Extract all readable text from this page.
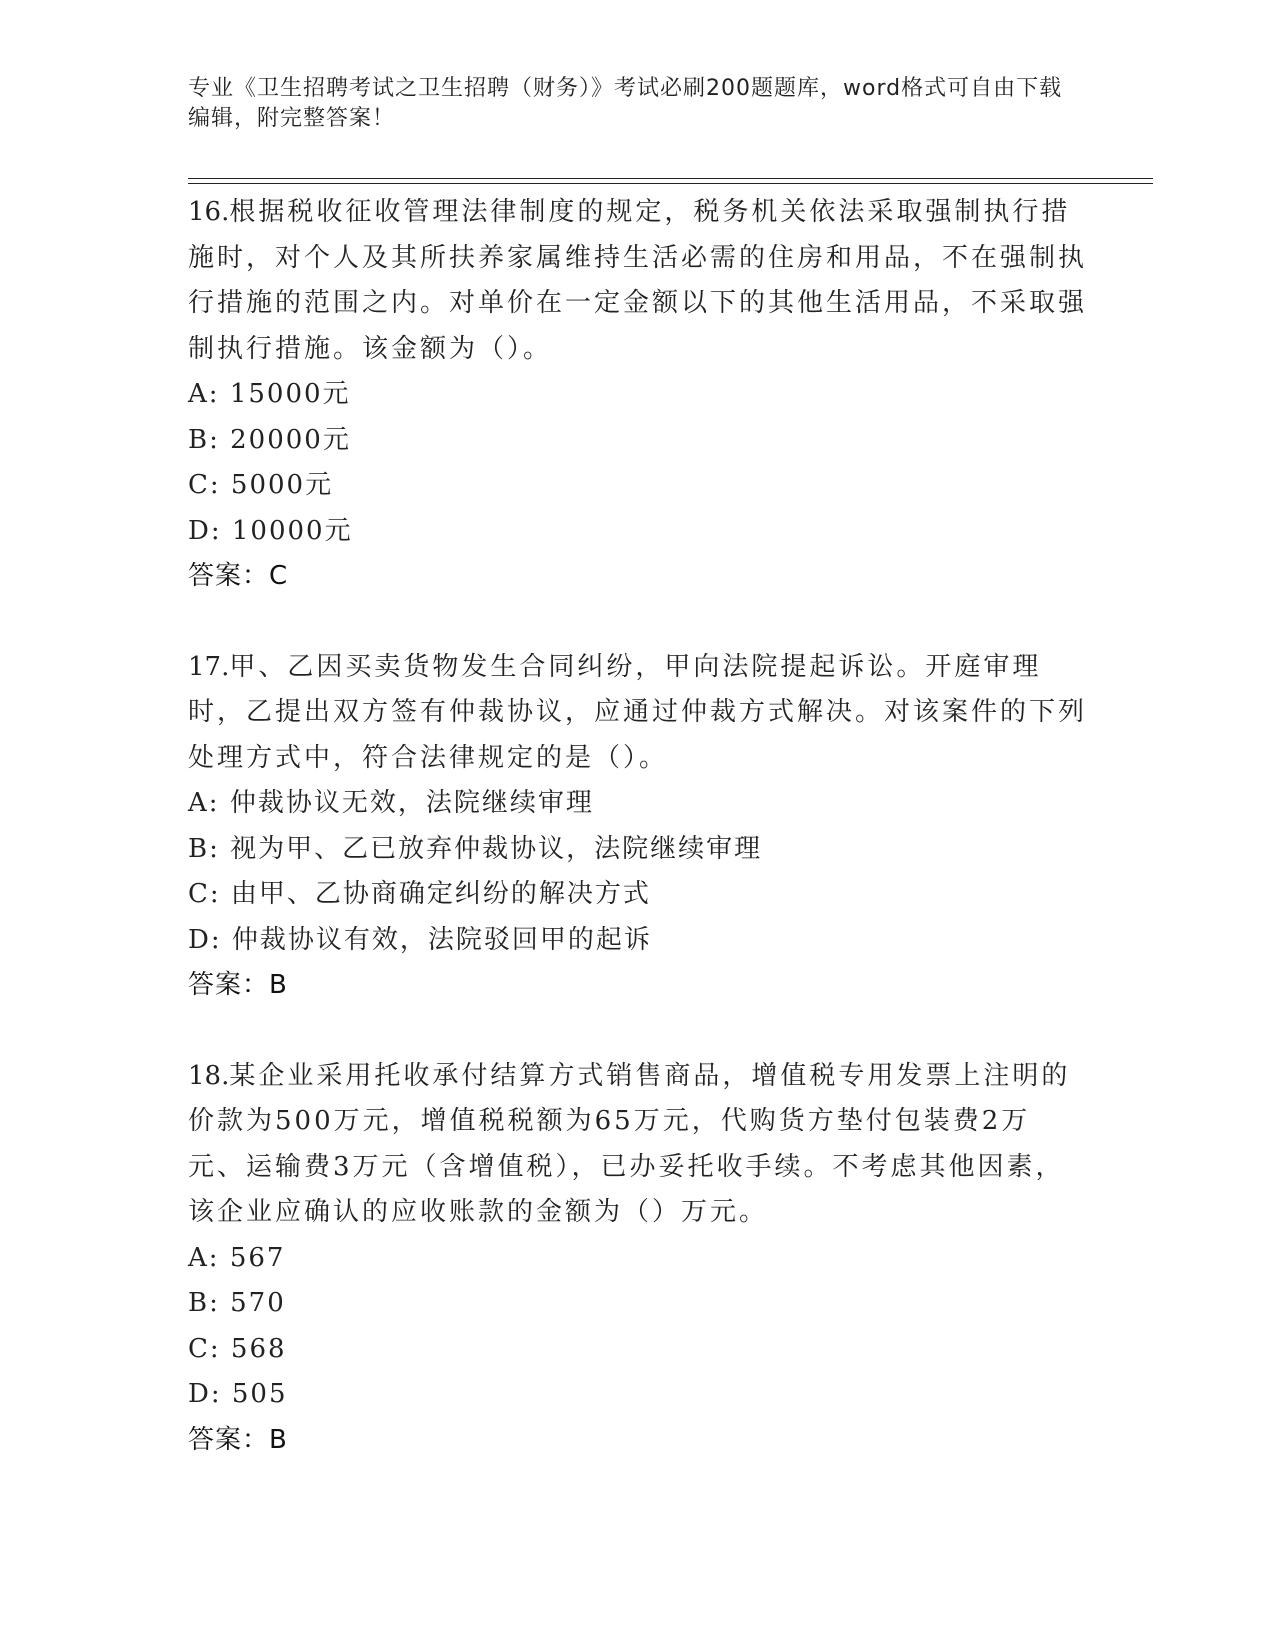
专业《卫生招聘考试之卫生招聘（财务）》考试必刷200题题库，word格式可自由下载编辑，附完整答案！

16.根据税收征收管理法律制度的规定，税务机关依法采取强制执行措施时，对个人及其所扶养家属维持生活必需的住房和用品，不在强制执行措施的范围之内。对单价在一定金额以下的其他生活用品，不采取强制执行措施。该金额为（）。

A: 15000元
B: 20000元
C: 5000元
D: 10000元
答案：C

17.甲、乙因买卖货物发生合同纠纷，甲向法院提起诉讼。开庭审理时，乙提出双方签有仲裁协议，应通过仲裁方式解决。对该案件的下列处理方式中，符合法律规定的是（）。

A: 仲裁协议无效，法院继续审理
B: 视为甲、乙已放弃仲裁协议，法院继续审理
C: 由甲、乙协商确定纠纷的解决方式
D: 仲裁协议有效，法院驳回甲的起诉
答案：B

18.某企业采用托收承付结算方式销售商品，增值税专用发票上注明的价款为500万元，增值税税额为65万元，代购货方垫付包装费2万元、运输费3万元（含增值税），已办妥托收手续。不考虑其他因素，该企业应确认的应收账款的金额为（）万元。

A: 567
B: 570
C: 568
D: 505
答案：B
